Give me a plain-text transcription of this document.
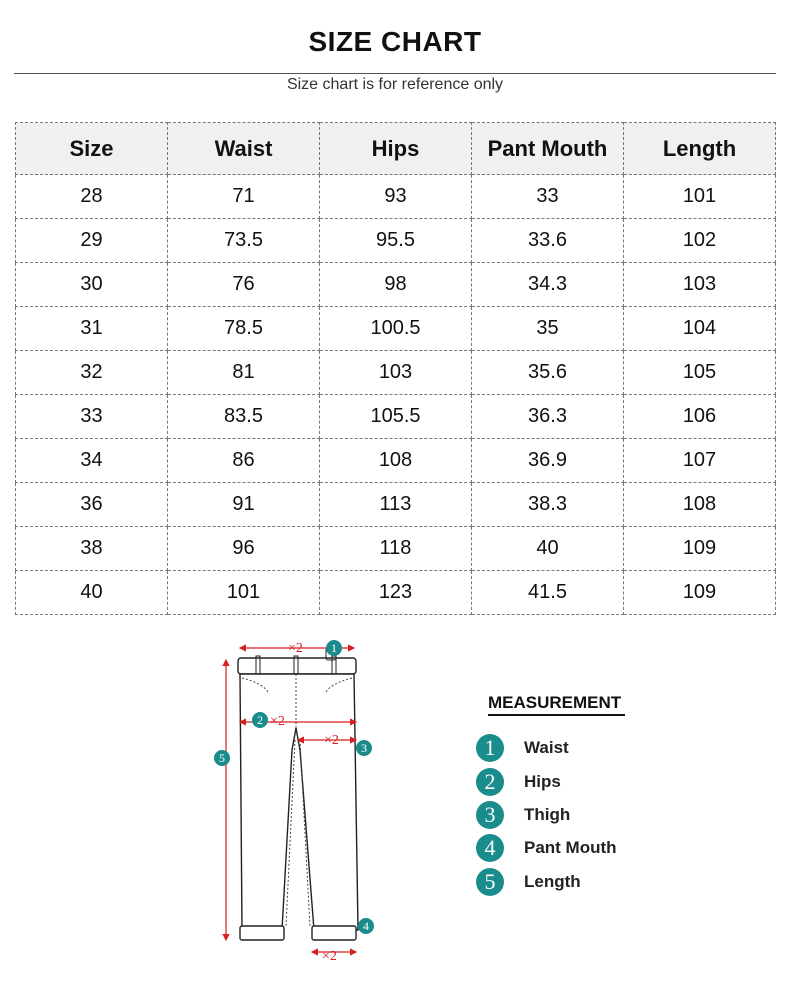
SIZE CHART
Size chart is for reference only
Size	Waist	Hips	Pant Mouth	Length
28	71	93	33	101
29	73.5	95.5	33.6	102
30	76	98	34.3	103
31	78.5	100.5	35	104
32	81	103	35.6	105
33	83.5	105.5	36.3	106
34	86	108	36.9	107
36	91	113	38.3	108
38	96	118	40	109
40	101	123	41.5	109
×2
×2
×2
×2
1
2
3
4
5
MEASUREMENT
1	Waist
2	Hips
3	Thigh
4	Pant Mouth
5	Length
